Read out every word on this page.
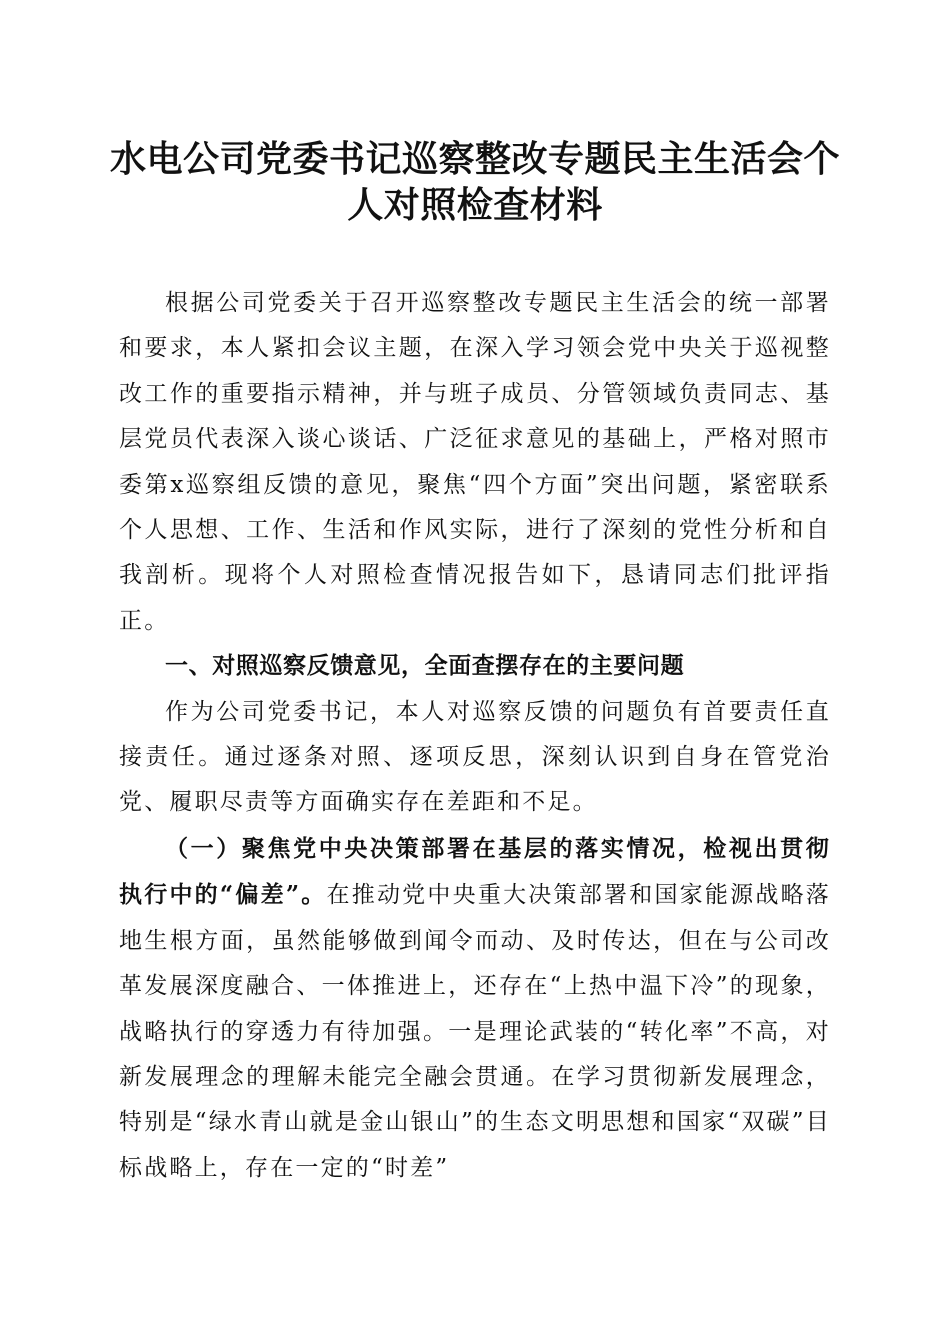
水电公司党委书记巡察整改专题民主生活会个人对照检查材料

根据公司党委关于召开巡察整改专题民主生活会的统一部署和要求，本人紧扣会议主题，在深入学习领会党中央关于巡视整改工作的重要指示精神，并与班子成员、分管领域负责同志、基层党员代表深入谈心谈话、广泛征求意见的基础上，严格对照市委第x巡察组反馈的意见，聚焦“四个方面”突出问题，紧密联系个人思想、工作、生活和作风实际，进行了深刻的党性分析和自我剖析。现将个人对照检查情况报告如下，恳请同志们批评指正。

一、对照巡察反馈意见，全面查摆存在的主要问题

作为公司党委书记，本人对巡察反馈的问题负有首要责任直接责任。通过逐条对照、逐项反思，深刻认识到自身在管党治党、履职尽责等方面确实存在差距和不足。

（一）聚焦党中央决策部署在基层的落实情况，检视出贯彻执行中的“偏差”。在推动党中央重大决策部署和国家能源战略落地生根方面，虽然能够做到闻令而动、及时传达，但在与公司改革发展深度融合、一体推进上，还存在“上热中温下冷”的现象，战略执行的穿透力有待加强。一是理论武装的“转化率”不高，对新发展理念的理解未能完全融会贯通。在学习贯彻新发展理念，特别是“绿水青山就是金山银山”的生态文明思想和国家“双碳”目标战略上，存在一定的“时差”
